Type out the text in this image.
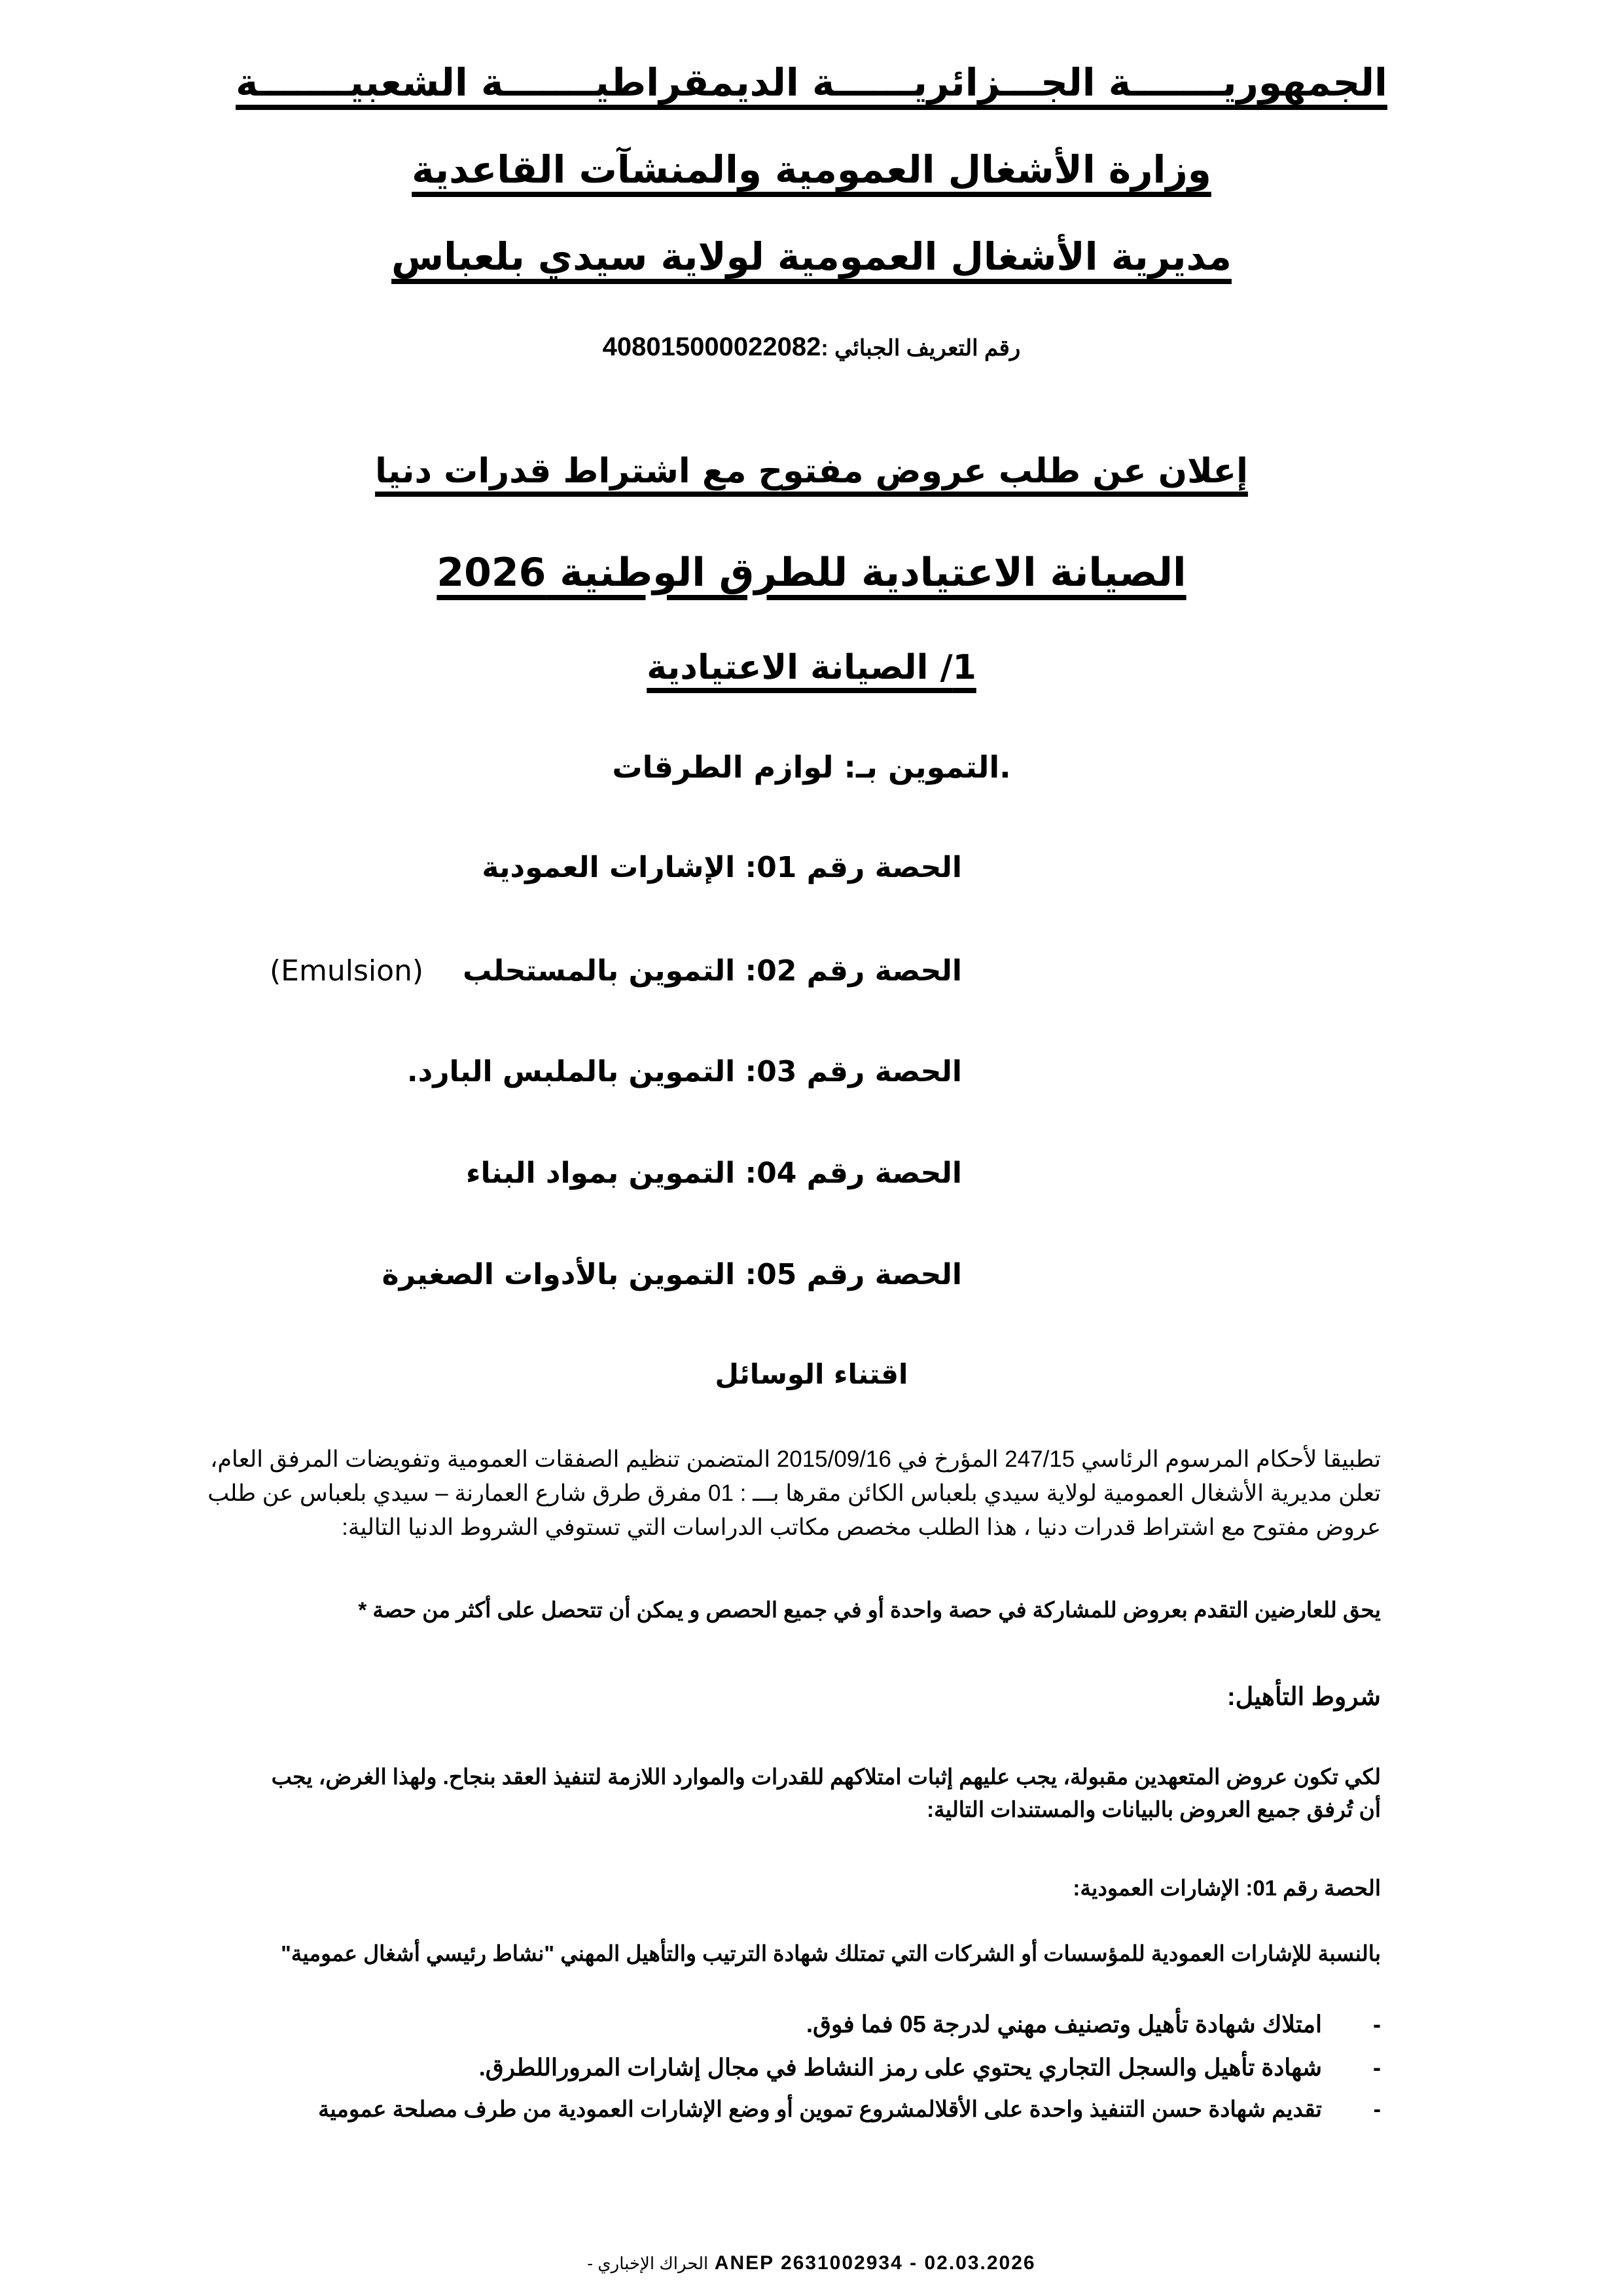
الجمهوريـــــــة الجـــزائريــــــة الديمقراطيـــــــة الشعبيـــــــة
وزارة الأشغال العمومية والمنشآت القاعدية
مديرية الأشغال العمومية لولاية سيدي بلعباس
رقم التعريف الجبائي :408015000022082
إعلان عن طلب عروض مفتوح مع اشتراط قدرات دنيا
الصيانة الاعتيادية للطرق الوطنية 2026
1/ الصيانة الاعتيادية
.التموين بـ: لوازم الطرقات
الحصة رقم 01: الإشارات العمودية
الحصة رقم 02: التموين بالمستحلب(Emulsion)
الحصة رقم 03: التموين بالملبس البارد.
الحصة رقم 04: التموين بمواد البناء
الحصة رقم 05: التموين بالأدوات الصغيرة
اقتناء الوسائل
تطبيقا لأحكام المرسوم الرئاسي 247/15 المؤرخ في 2015/09/16 المتضمن تنظيم الصفقات العمومية وتفويضات المرفق العام،
تعلن مديرية الأشغال العمومية لولاية سيدي بلعباس الكائن مقرها بـــ : 01 مفرق طرق شارع العمارنة – سيدي بلعباس عن طلب
عروض مفتوح مع اشتراط قدرات دنيا ، هذا الطلب مخصص مكاتب الدراسات التي تستوفي الشروط الدنيا التالية:
يحق للعارضين التقدم بعروض للمشاركة في حصة واحدة أو في جميع الحصص و يمكن أن تتحصل على أكثر من حصة *
شروط التأهيل:
لكي تكون عروض المتعهدين مقبولة، يجب عليهم إثبات امتلاكهم للقدرات والموارد اللازمة لتنفيذ العقد بنجاح. ولهذا الغرض، يجب
أن تُرفق جميع العروض بالبيانات والمستندات التالية:
الحصة رقم 01: الإشارات العمودية:
بالنسبة للإشارات العمودية للمؤسسات أو الشركات التي تمتلك شهادة الترتيب والتأهيل المهني "نشاط رئيسي أشغال عمومية"
-امتلاك شهادة تأهيل وتصنيف مهني لدرجة 05 فما فوق.
-شهادة تأهيل والسجل التجاري يحتوي على رمز النشاط في مجال إشارات المروراللطرق.
-تقديم شهادة حسن التنفيذ واحدة على الأقلالمشروع تموين أو وضع الإشارات العمودية من طرف مصلحة عمومية
- الحراك الإخباري ANEP 2631002934 - 02.03.2026
